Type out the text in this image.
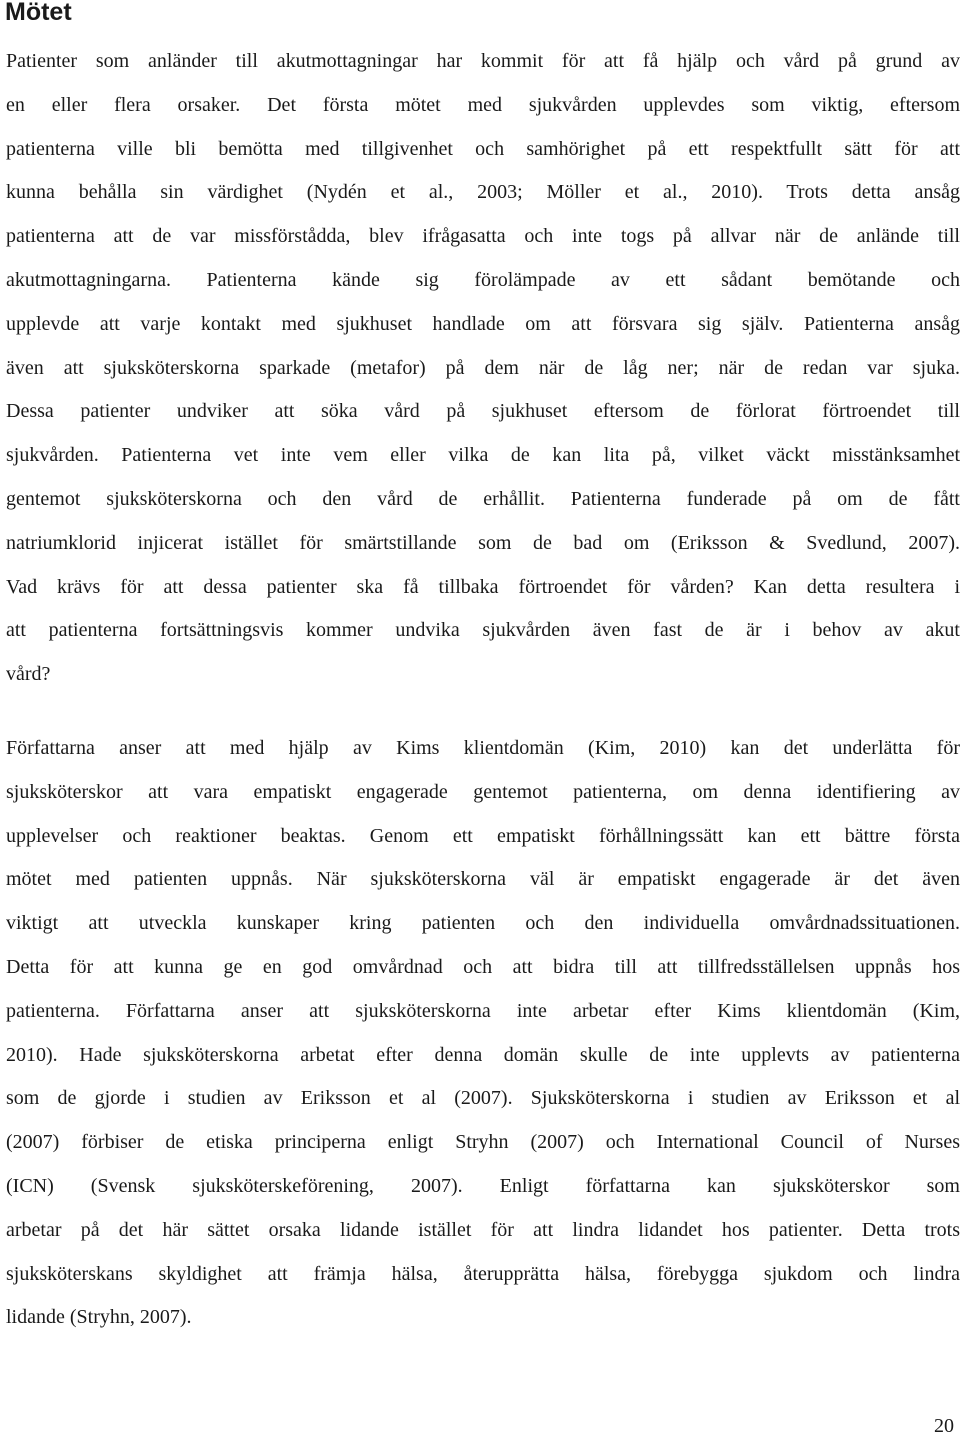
Mötet
Patienter som anländer till akutmottagningar har kommit för att få hjälp och vård på grund av
en eller flera orsaker. Det första mötet med sjukvården upplevdes som viktig, eftersom
patienterna ville bli bemötta med tillgivenhet och samhörighet på ett respektfullt sätt för att
kunna behålla sin värdighet (Nydén et al., 2003; Möller et al., 2010). Trots detta ansåg
patienterna att de var missförstådda, blev ifrågasatta och inte togs på allvar när de anlände till
akutmottagningarna. Patienterna kände sig förolämpade av ett sådant bemötande och
upplevde att varje kontakt med sjukhuset handlade om att försvara sig själv. Patienterna ansåg
även att sjuksköterskorna sparkade (metafor) på dem när de låg ner; när de redan var sjuka.
Dessa patienter undviker att söka vård på sjukhuset eftersom de förlorat förtroendet till
sjukvården. Patienterna vet inte vem eller vilka de kan lita på, vilket väckt misstänksamhet
gentemot sjuksköterskorna och den vård de erhållit. Patienterna funderade på om de fått
natriumklorid injicerat istället för smärtstillande som de bad om (Eriksson & Svedlund, 2007).
Vad krävs för att dessa patienter ska få tillbaka förtroendet för vården? Kan detta resultera i
att patienterna fortsättningsvis kommer undvika sjukvården även fast de är i behov av akut
vård?
Författarna anser att med hjälp av Kims klientdomän (Kim, 2010) kan det underlätta för
sjuksköterskor att vara empatiskt engagerade gentemot patienterna, om denna identifiering av
upplevelser och reaktioner beaktas. Genom ett empatiskt förhållningssätt kan ett bättre första
mötet med patienten uppnås. När sjuksköterskorna väl är empatiskt engagerade är det även
viktigt att utveckla kunskaper kring patienten och den individuella omvårdnadssituationen.
Detta för att kunna ge en god omvårdnad och att bidra till att tillfredsställelsen uppnås hos
patienterna. Författarna anser att sjuksköterskorna inte arbetar efter Kims klientdomän (Kim,
2010). Hade sjuksköterskorna arbetat efter denna domän skulle de inte upplevts av patienterna
som de gjorde i studien av Eriksson et al (2007). Sjuksköterskorna i studien av Eriksson et al
(2007) förbiser de etiska principerna enligt Stryhn (2007) och International Council of Nurses
(ICN) (Svensk sjuksköterskeförening, 2007). Enligt författarna kan sjuksköterskor som
arbetar på det här sättet orsaka lidande istället för att lindra lidandet hos patienter. Detta trots
sjuksköterskans skyldighet att främja hälsa, återupprätta hälsa, förebygga sjukdom och lindra
lidande (Stryhn, 2007).
20
